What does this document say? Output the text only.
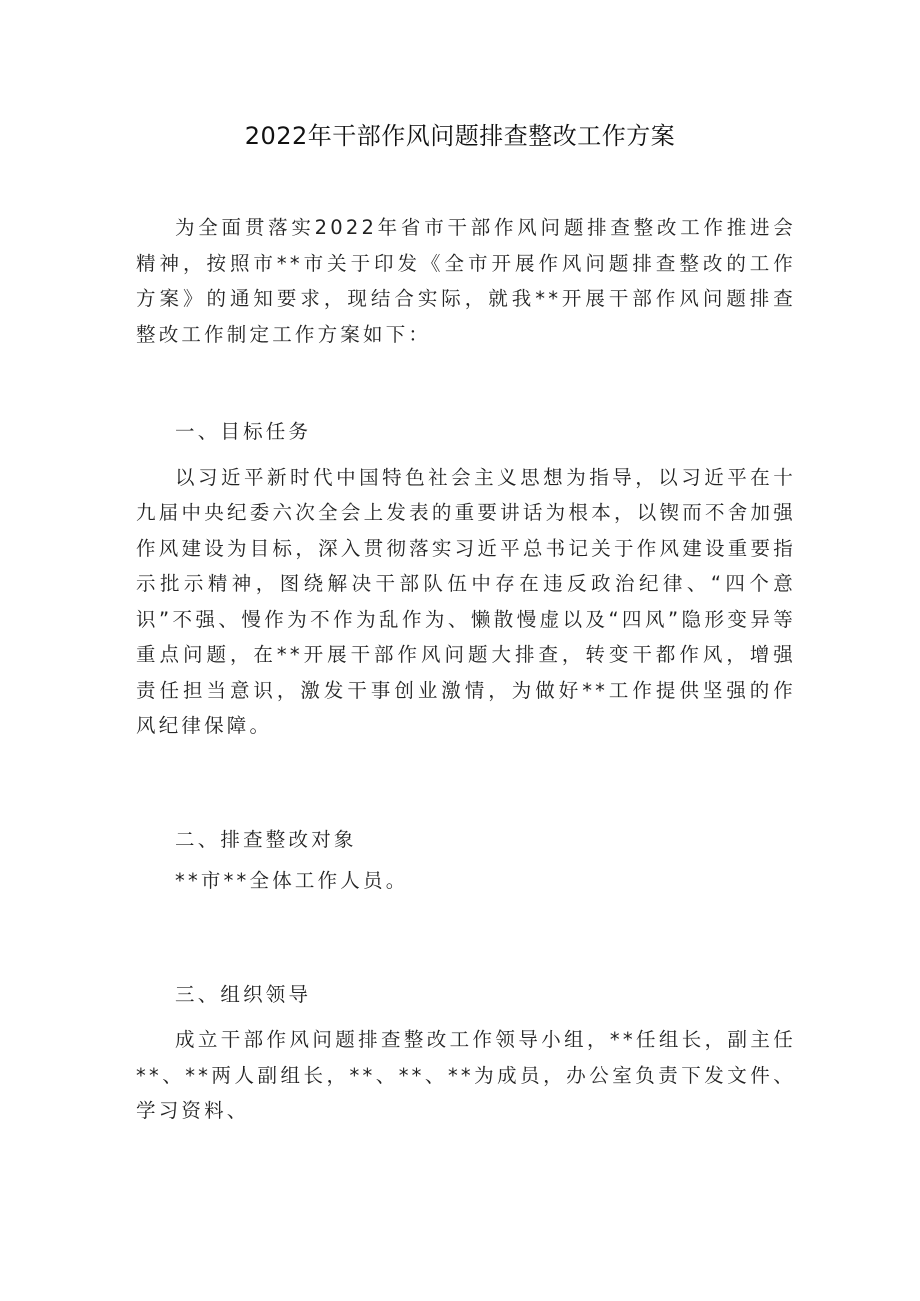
2022年干部作风问题排查整改工作方案

为全面贯落实2022年省市干部作风问题排查整改工作推进会精神，按照市**市关于印发《全市开展作风问题排查整改的工作方案》的通知要求，现结合实际，就我**开展干部作风问题排查整改工作制定工作方案如下：

一、目标任务

以习近平新时代中国特色社会主义思想为指导，以习近平在十九届中央纪委六次全会上发表的重要讲话为根本，以锲而不舍加强作风建设为目标，深入贯彻落实习近平总书记关于作风建设重要指示批示精神，图绕解决干部队伍中存在违反政治纪律、“四个意识”不强、慢作为不作为乱作为、懒散慢虚以及“四风”隐形变异等重点问题，在**开展干部作风问题大排查，转变干都作风，增强责任担当意识，激发干事创业激情，为做好**工作提供坚强的作风纪律保障。

二、排查整改对象

**市**全体工作人员。

三、组织领导

成立干部作风问题排查整改工作领导小组，**任组长，副主任**、**两人副组长，**、**、**为成员，办公室负责下发文件、学习资料、
